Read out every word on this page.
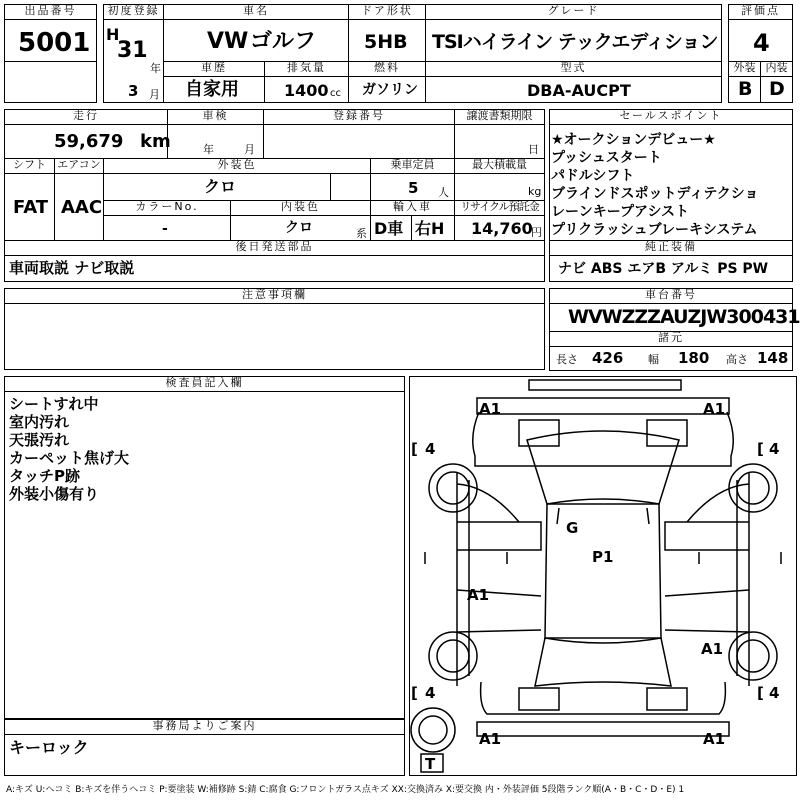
出品番号
5001
初度登録
H
31
年
3 月
車名
VW ゴルフ
ドア形状
5HB
グレード
TSIハイライン テックエディション
評価点
4
車歴
自家用
排気量
1400 cc
燃料
ガソリン
型式
DBA-AUCPT
外装
B
内装
D
走行
59,679 km
車検
年	月
登録番号	譲渡書類期限
日
シフト
FAT
エアコン
AAC
外装色
クロ
乗車定員
5 人
最大積載量
kg
カラーNo.
-
内装色
クロ	系
輸入車
D車 右H
リサイクル預託金
14,760
円
後日発送部品
車両取説 ナビ取説
セールスポイント
★オークションデビュー★
プッシュスタート
パドルシフト
ブラインドスポットディテクショ
レーンキープアシスト
プリクラッシュブレーキシステム
純正装備
ナビ ABS エアB アルミ PS PW
注意事項欄	車台番号
WVWZZZAUZJW300431
諸元
長さ 426 幅 180 高さ 148
検査員記入欄
シートすれ中
室内汚れ
天張汚れ
カーペット焦げ大
タッチP跡
外装小傷有り
事務局よりご案内
キーロック
[ 4	[ 4
[ 4	[ 4
A1	A1
G
P1
A1
A1
A1	A1
T
A:キズ U:ヘコミ B:キズを伴うヘコミ P:要塗装 W:補修跡 S:錆 C:腐食 G:フロントガラス点キズ XX:交換済み X:要交換 内・外装評価 5段階ランク順(A・B・C・D・E) 1
